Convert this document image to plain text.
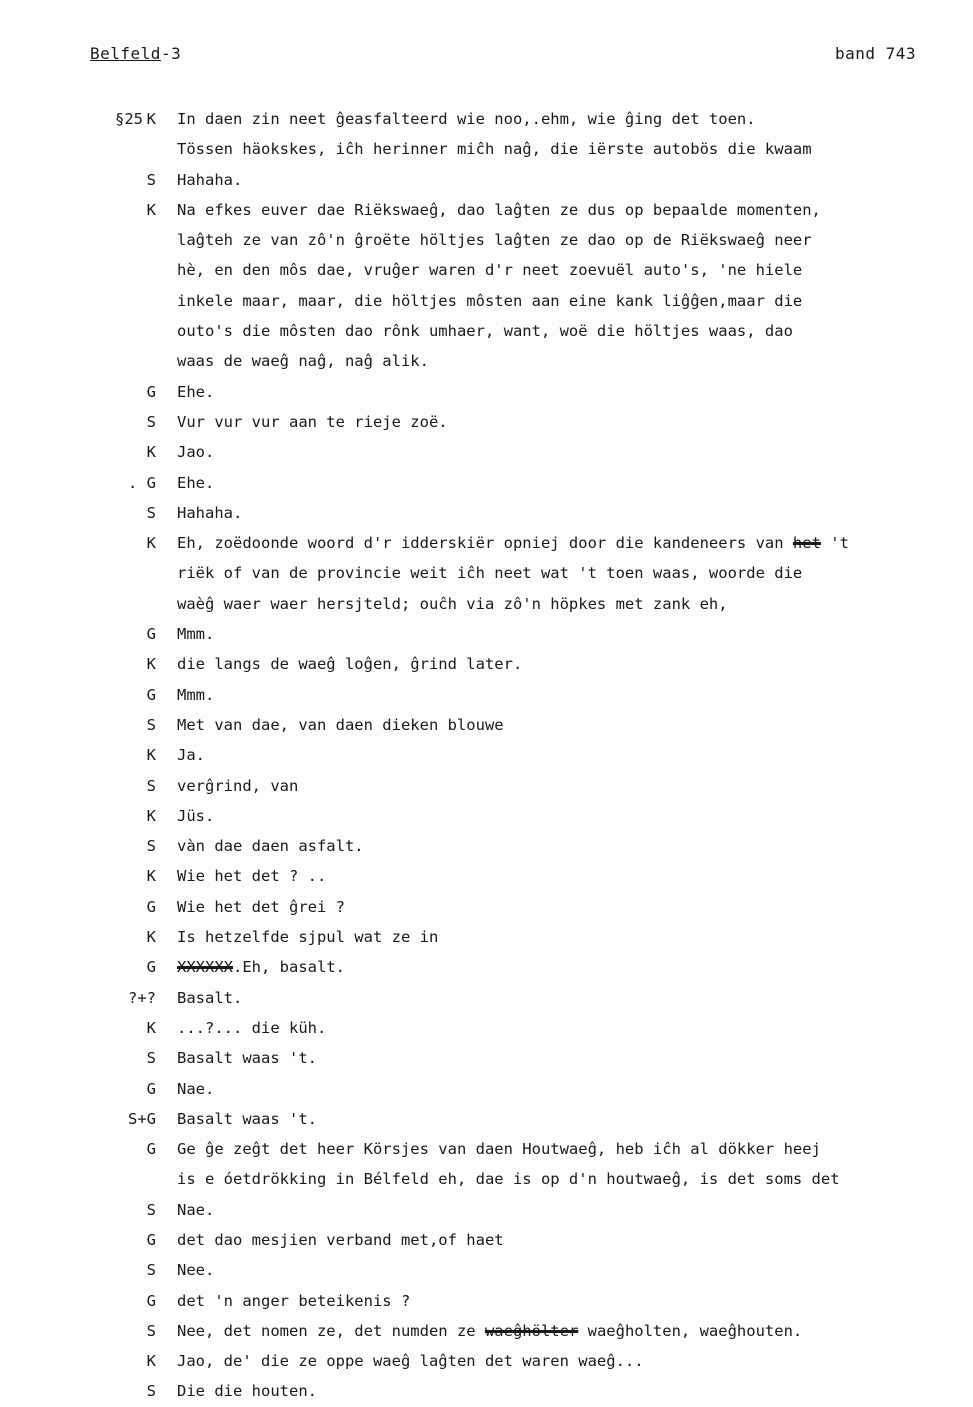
Belfeld-3	band 743
§25 K In daen zin neet ĝeasfalteerd wie noo,.ehm, wie ĝing det toen.
Tössen häokskes, iĉh herinner miĉh naĝ, die iërste autobös die kwaam
S Hahaha.
K Na efkes euver dae Riëkswaeĝ, dao laĝten ze dus op bepaalde momenten,
laĝteh ze van zô'n ĝroëte höltjes laĝten ze dao op de Riëkswaeĝ neer
hè, en den môs dae, vruĝer waren d'r neet zoevuël auto's, 'ne hiele
inkele maar, maar, die höltjes môsten aan eine kank liĝĝen,maar die
outo's die môsten dao rônk umhaer, want, woë die höltjes waas, dao
waas de waeĝ naĝ, naĝ alik.
G Ehe.
S Vur vur vur aan te rieje zoë.
K Jao.
. G Ehe.
S Hahaha.
K Eh, zoëdoonde woord d'r idderskiër opniej door die kandeneers van het 't
riëk of van de provincie weit iĉh neet wat 't toen waas, woorde die
waèĝ waer waer hersjteld; ouĉh via zô'n höpkes met zank eh,
G Mmm.
K die langs de waeĝ loĝen, ĝrind later.
G Mmm.
S Met van dae, van daen dieken blouwe
K Ja.
S verĝrind, van
K Jüs.
S vàn dae daen asfalt.
K Wie het det ? ..
G Wie het det ĝrei ?
K Is hetzelfde sjpul wat ze in
G XXXXXX.Eh, basalt.
?+? Basalt.
K ...?... die küh.
S Basalt waas 't.
G Nae.
S+G Basalt waas 't.
G Ge ĝe zeĝt det heer Körsjes van daen Houtwaeĝ, heb iĉh al dökker heej
is e óetdrökking in Bélfeld eh, dae is op d'n houtwaeĝ, is det soms det
S Nae.
G det dao mesjien verband met,of haet
S Nee.
G det 'n anger beteikenis ?
S Nee, det nomen ze, det numden ze waeĝhölter waeĝholten, waeĝhouten.
K Jao, de' die ze oppe waeĝ laĝten det waren waeĝ...
S Die die houten.
